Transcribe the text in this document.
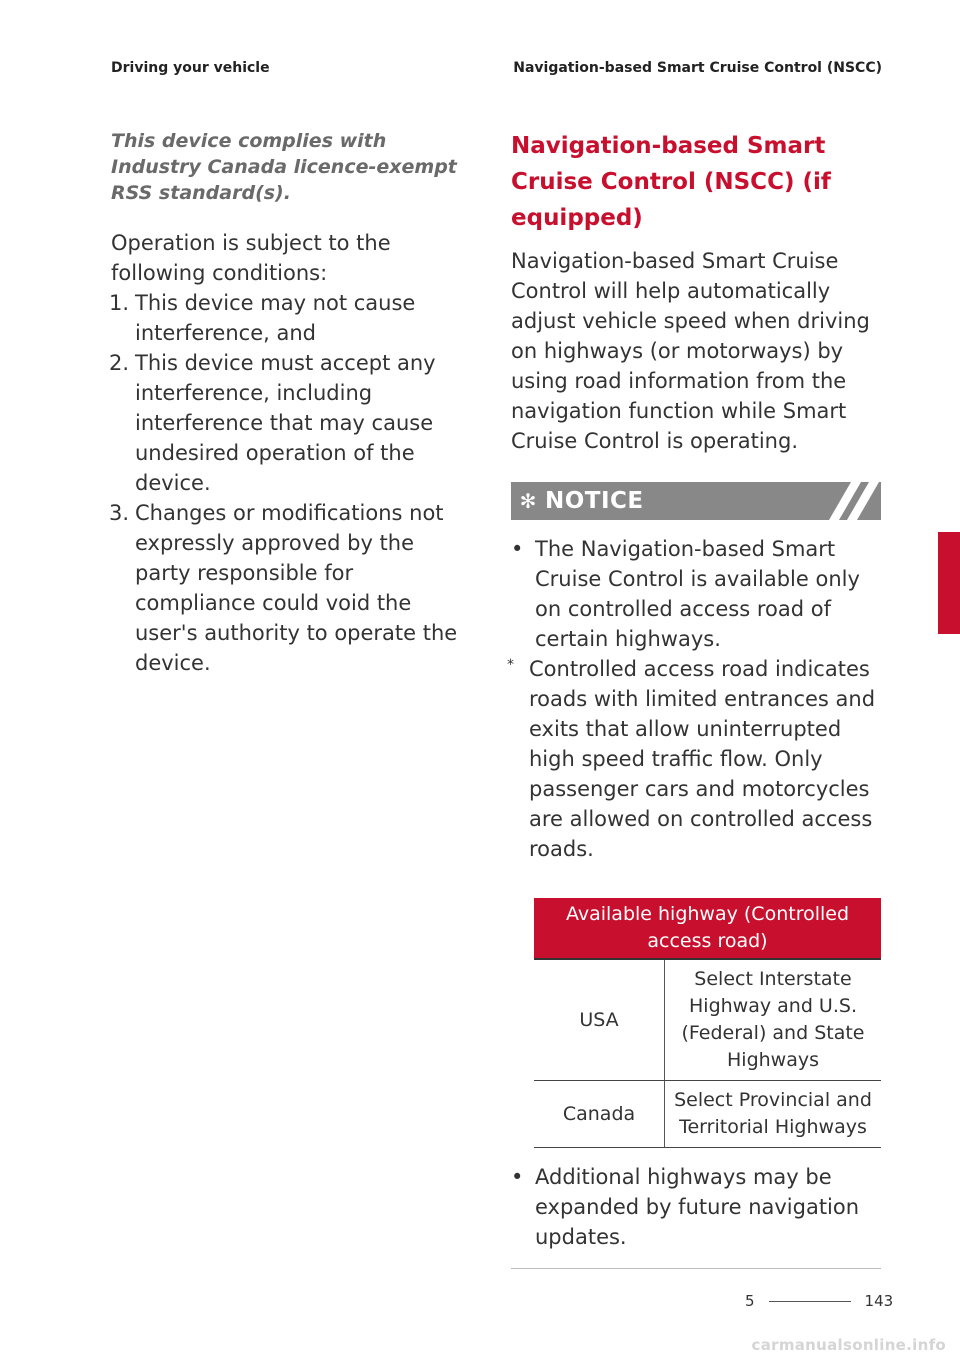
Driving your vehicle	Navigation-based Smart Cruise Control (NSCC)

This device complies with Industry Canada licence-exempt RSS standard(s).

Operation is subject to the following conditions:

1. This device may not cause interference, and
2. This device must accept any interference, including interference that may cause undesired operation of the device.
3. Changes or modifications not expressly approved by the party responsible for compliance could void the user's authority to operate the device.
Navigation-based Smart Cruise Control (NSCC) (if equipped)

Navigation-based Smart Cruise Control will help automatically adjust vehicle speed when driving on highways (or motorways) by using road information from the navigation function while Smart Cruise Control is operating.

✻ NOTICE
• The Navigation-based Smart Cruise Control is available only on controlled access road of certain highways.

* Controlled access road indicates roads with limited entrances and exits that allow uninterrupted high speed traffic flow. Only passenger cars and motorcycles are allowed on controlled access roads.

Available highway (Controlled access road)	
USA	Select Interstate Highway and U.S. (Federal) and State Highways
Canada	Select Provincial and Territorial Highways
• Additional highways may be expanded by future navigation updates.
5
5	143
carmanualsonline.info
